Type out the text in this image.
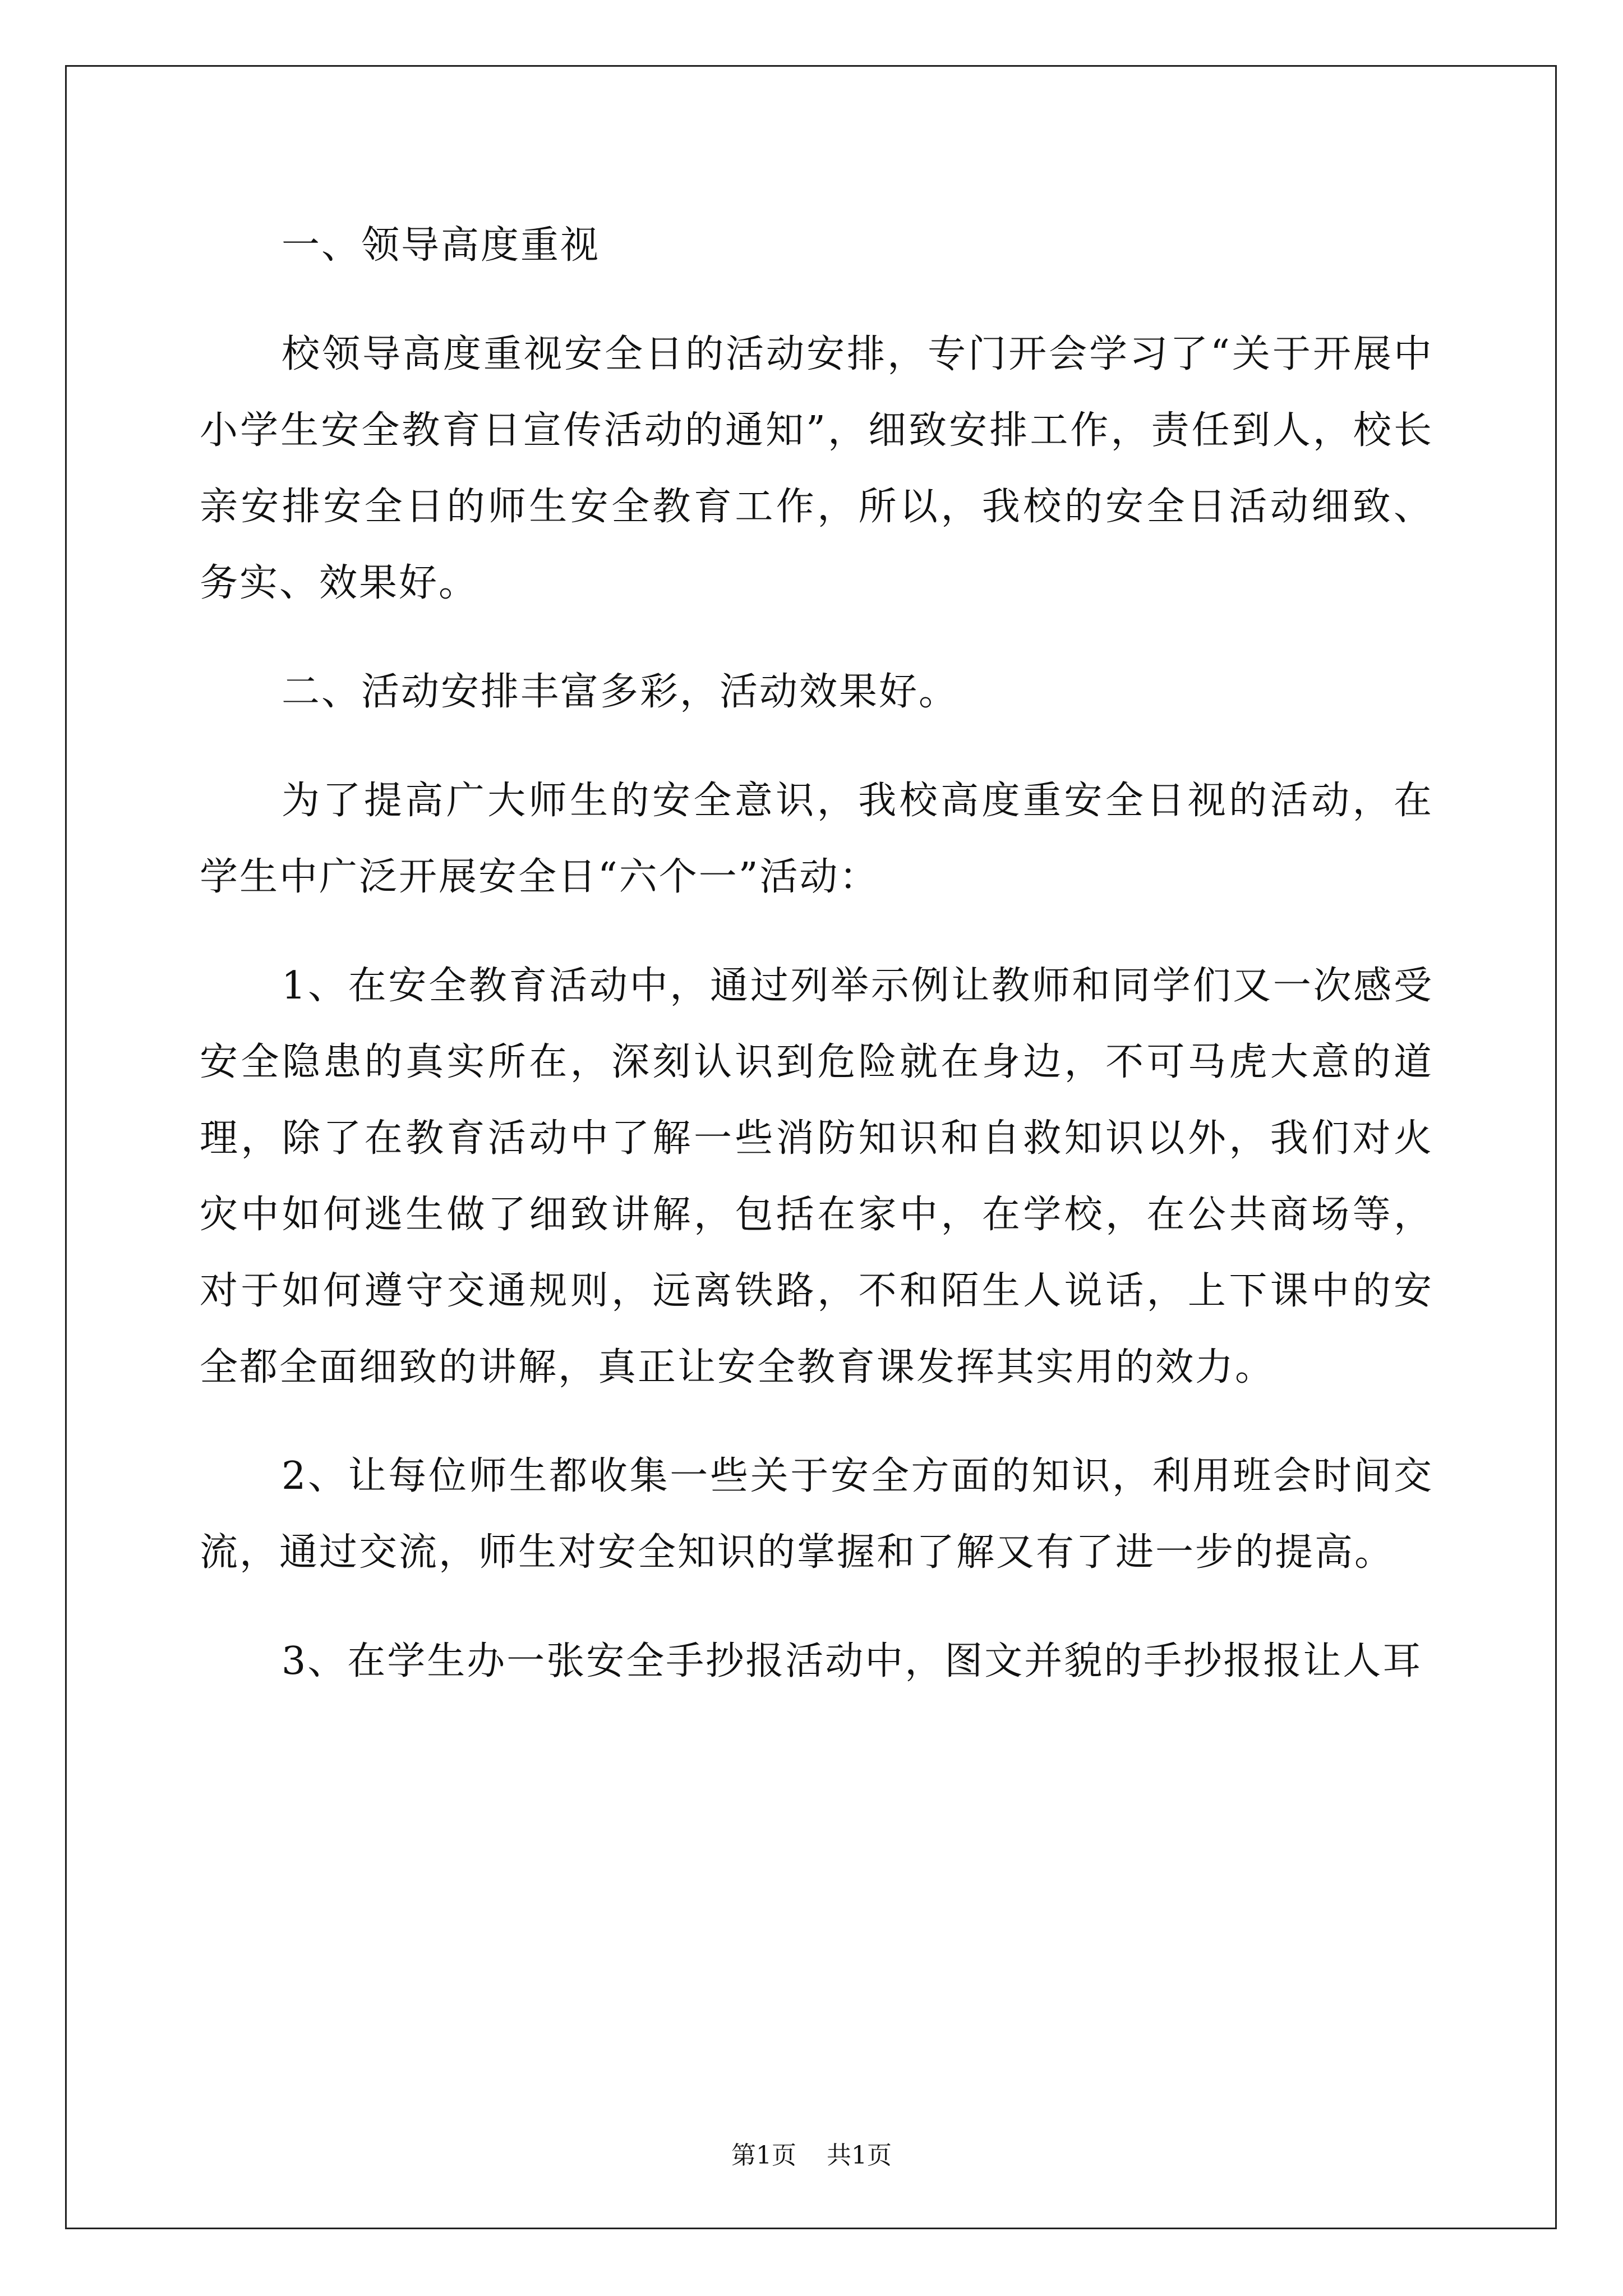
一、领导高度重视

校领导高度重视安全日的活动安排，专门开会学习了“关于开展中小学生安全教育日宣传活动的通知”，细致安排工作，责任到人，校长亲安排安全日的师生安全教育工作，所以，我校的安全日活动细致、务实、效果好。

二、活动安排丰富多彩，活动效果好。

为了提高广大师生的安全意识，我校高度重安全日视的活动，在学生中广泛开展安全日“六个一”活动：

1、在安全教育活动中，通过列举示例让教师和同学们又一次感受安全隐患的真实所在，深刻认识到危险就在身边，不可马虎大意的道理，除了在教育活动中了解一些消防知识和自救知识以外，我们对火灾中如何逃生做了细致讲解，包括在家中，在学校，在公共商场等，对于如何遵守交通规则，远离铁路，不和陌生人说话，上下课中的安全都全面细致的讲解，真正让安全教育课发挥其实用的效力。

2、让每位师生都收集一些关于安全方面的知识，利用班会时间交流，通过交流，师生对安全知识的掌握和了解又有了进一步的提高。

3、在学生办一张安全手抄报活动中，图文并貌的手抄报报让人耳

第1页 共1页
